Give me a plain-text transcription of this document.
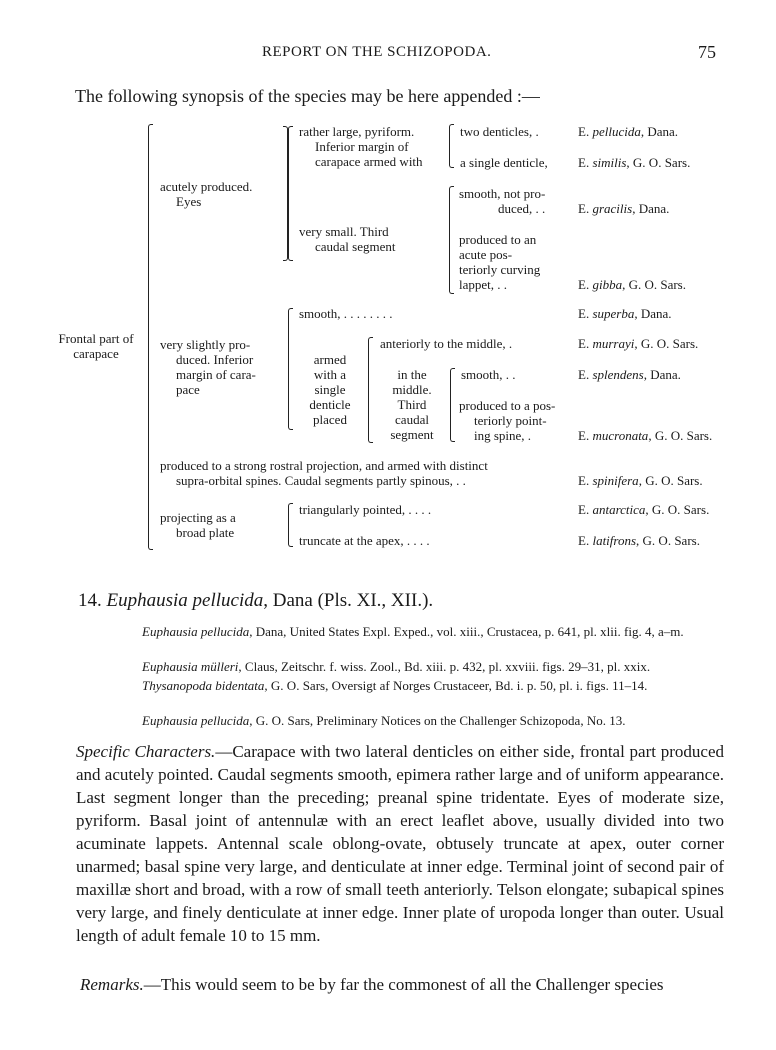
REPORT ON THE SCHIZOPODA.	75
The following synopsis of the species may be here appended :—
Frontal part of
carapace
acutely produced.
Eyes
rather large, pyriform.
Inferior margin of
carapace armed with
two denticles, .
a single denticle,
very small. Third
caudal segment
smooth, not pro-
duced, . .
produced to an
acute pos-
teriorly curving
lappet, . .
very slightly pro-
duced. Inferior
margin of cara-
pace
smooth, . . . . . . . .
armed
with a
single
denticle
placed
anteriorly to the middle, .
in the
middle.
Third
caudal
segment
smooth, . .
produced to a pos-
teriorly point-
ing spine, .
produced to a strong rostral projection, and armed with distinct
supra-orbital spines. Caudal segments partly spinous, . .
projecting as a
broad plate
triangularly pointed, . . . .
truncate at the apex, . . . .
E. pellucida, Dana.
E. similis, G. O. Sars.
E. gracilis, Dana.
E. gibba, G. O. Sars.
E. superba, Dana.
E. murrayi, G. O. Sars.
E. splendens, Dana.
E. mucronata, G. O. Sars.
E. spinifera, G. O. Sars.
E. antarctica, G. O. Sars.
E. latifrons, G. O. Sars.
14. Euphausia pellucida, Dana (Pls. XI., XII.).
Euphausia pellucida, Dana, United States Expl. Exped., vol. xiii., Crustacea, p. 641, pl. xlii. fig. 4, a–m.
Euphausia mülleri, Claus, Zeitschr. f. wiss. Zool., Bd. xiii. p. 432, pl. xxviii. figs. 29–31, pl. xxix.
Thysanopoda bidentata, G. O. Sars, Oversigt af Norges Crustaceer, Bd. i. p. 50, pl. i. figs. 11–14.
Euphausia pellucida, G. O. Sars, Preliminary Notices on the Challenger Schizopoda, No. 13.
Specific Characters.—Carapace with two lateral denticles on either side, frontal part produced and acutely pointed. Caudal segments smooth, epimera rather large and of uniform appearance. Last segment longer than the preceding; preanal spine tridentate. Eyes of moderate size, pyriform. Basal joint of antennulæ with an erect leaflet above, usually divided into two acuminate lappets. Antennal scale oblong-ovate, obtusely truncate at apex, outer corner unarmed; basal spine very large, and denticulate at inner edge. Terminal joint of second pair of maxillæ short and broad, with a row of small teeth anteriorly. Telson elongate; subapical spines very large, and finely denticulate at inner edge. Inner plate of uropoda longer than outer. Usual length of adult female 10 to 15 mm.
Remarks.—This would seem to be by far the commonest of all the Challenger species
